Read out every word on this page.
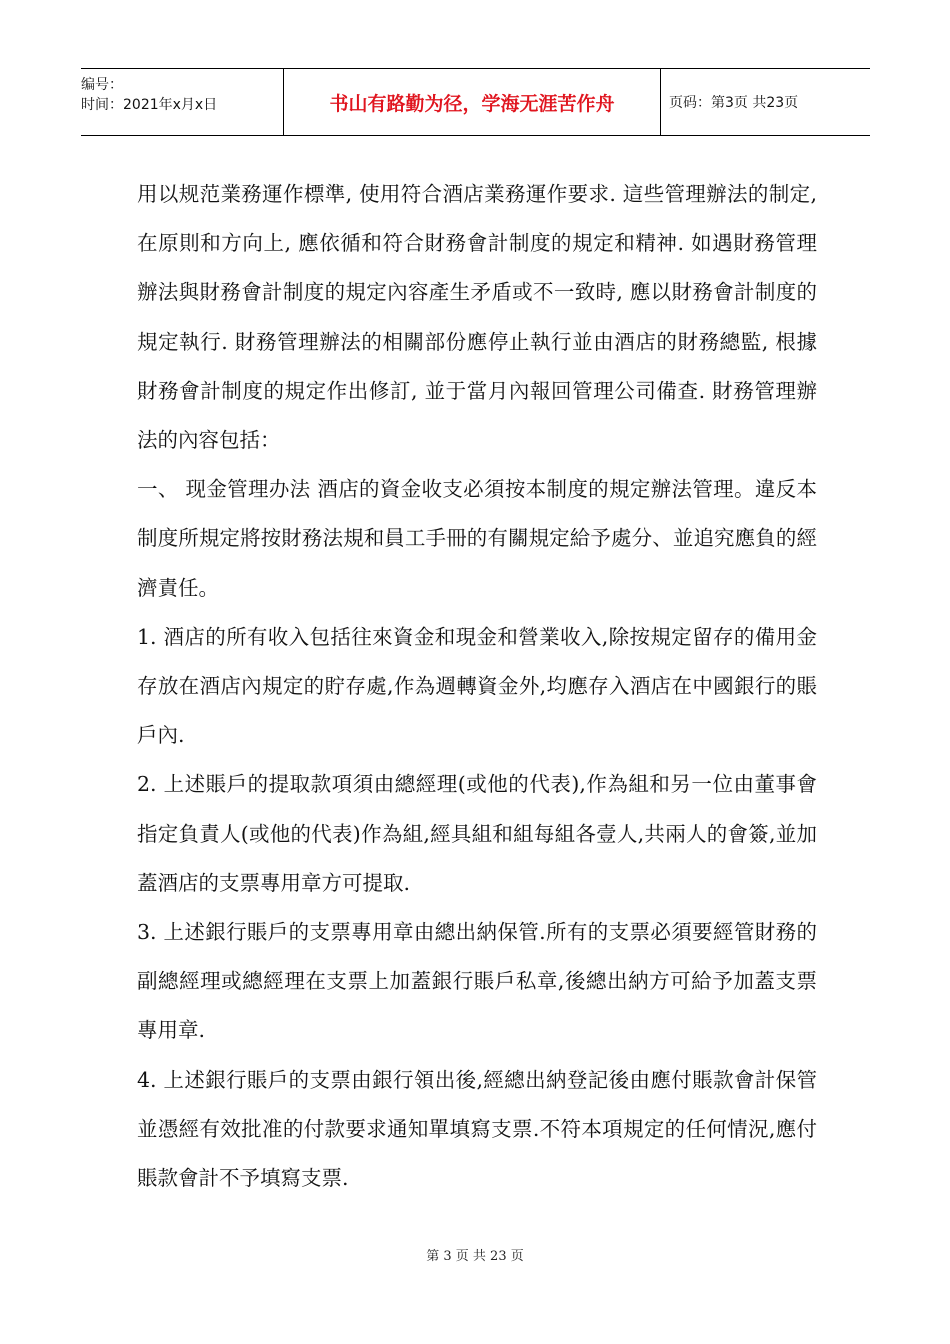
编号：
时间：2021年x月x日	书山有路勤为径，学海无涯苦作舟	页码：第3页 共23页

用以规范業務運作標準, 使用符合酒店業務運作要求. 這些管理辦法的制定, 在原則和方向上, 應依循和符合財務會計制度的規定和精神. 如遇財務管理辦法與財務會計制度的規定內容產生矛盾或不一致時, 應以財務會計制度的規定執行. 財務管理辦法的相關部份應停止執行並由酒店的財務總監, 根據財務會計制度的規定作出修訂, 並于當月內報回管理公司備查. 財務管理辦法的內容包括：

一、 现金管理办法 酒店的資金收支必須按本制度的規定辦法管理。違反本制度所規定將按財務法規和員工手冊的有關規定給予處分、並追究應負的經濟責任。

1. 酒店的所有收入包括往來資金和現金和營業收入,除按規定留存的備用金存放在酒店內規定的貯存處,作為週轉資金外,均應存入酒店在中國銀行的賬戶內.

2. 上述賬戶的提取款項須由總經理(或他的代表),作為組和另一位由董事會指定負責人(或他的代表)作為組,經具組和組每組各壹人,共兩人的會簽,並加蓋酒店的支票專用章方可提取.

3. 上述銀行賬戶的支票專用章由總出納保管.所有的支票必須要經管財務的副總經理或總經理在支票上加蓋銀行賬戶私章,後總出納方可給予加蓋支票專用章.

4. 上述銀行賬戶的支票由銀行領出後,經總出納登記後由應付賬款會計保管並憑經有效批准的付款要求通知單填寫支票.不符本項規定的任何情況,應付賬款會計不予填寫支票.

第 3 页 共 23 页
